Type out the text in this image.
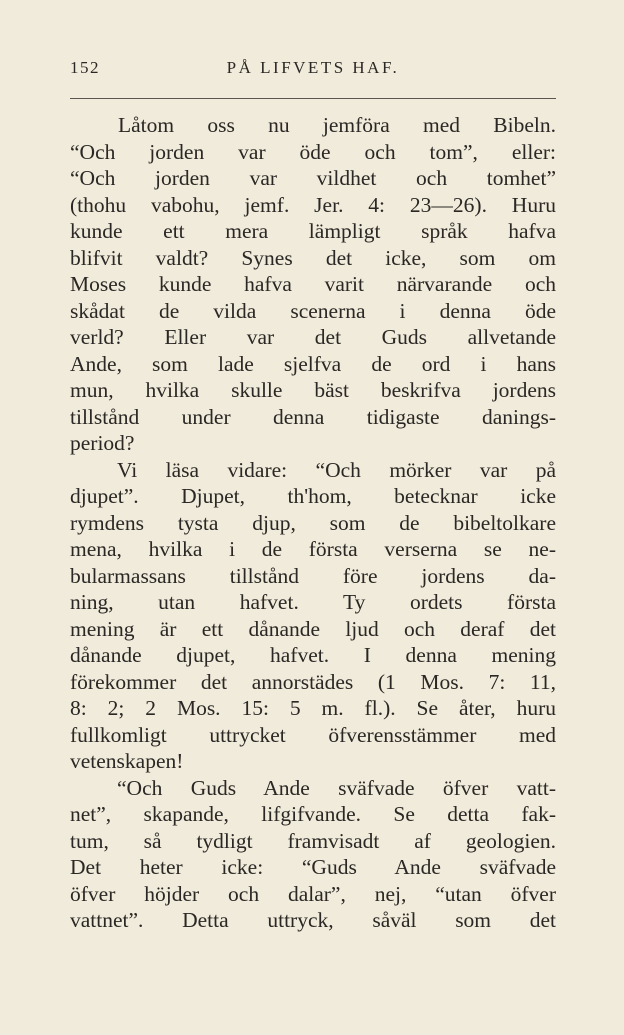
152	PÅ LIFVETS HAF.
Låtom oss nu jemföra med Bibeln.
“Och jorden var öde och tom”, eller:
“Och jorden var vildhet och tomhet”
(thohu vabohu, jemf. Jer. 4: 23—26). Huru
kunde ett mera lämpligt språk hafva
blifvit valdt? Synes det icke, som om
Moses kunde hafva varit närvarande och
skådat de vilda scenerna i denna öde
verld? Eller var det Guds allvetande
Ande, som lade sjelfva de ord i hans
mun, hvilka skulle bäst beskrifva jordens
tillstånd under denna tidigaste danings-
period?
Vi läsa vidare: “Och mörker var på
djupet”. Djupet, th'hom, betecknar icke
rymdens tysta djup, som de bibeltolkare
mena, hvilka i de första verserna se ne-
bularmassans tillstånd före jordens da-
ning, utan hafvet. Ty ordets första
mening är ett dånande ljud och deraf det
dånande djupet, hafvet. I denna mening
förekommer det annorstädes (1 Mos. 7: 11,
8: 2; 2 Mos. 15: 5 m. fl.). Se åter, huru
fullkomligt uttrycket öfverensstämmer med
vetenskapen!
“Och Guds Ande sväfvade öfver vatt-
net”, skapande, lifgifvande. Se detta fak-
tum, så tydligt framvisadt af geologien.
Det heter icke: “Guds Ande sväfvade
öfver höjder och dalar”, nej, “utan öfver
vattnet”. Detta uttryck, såväl som det
